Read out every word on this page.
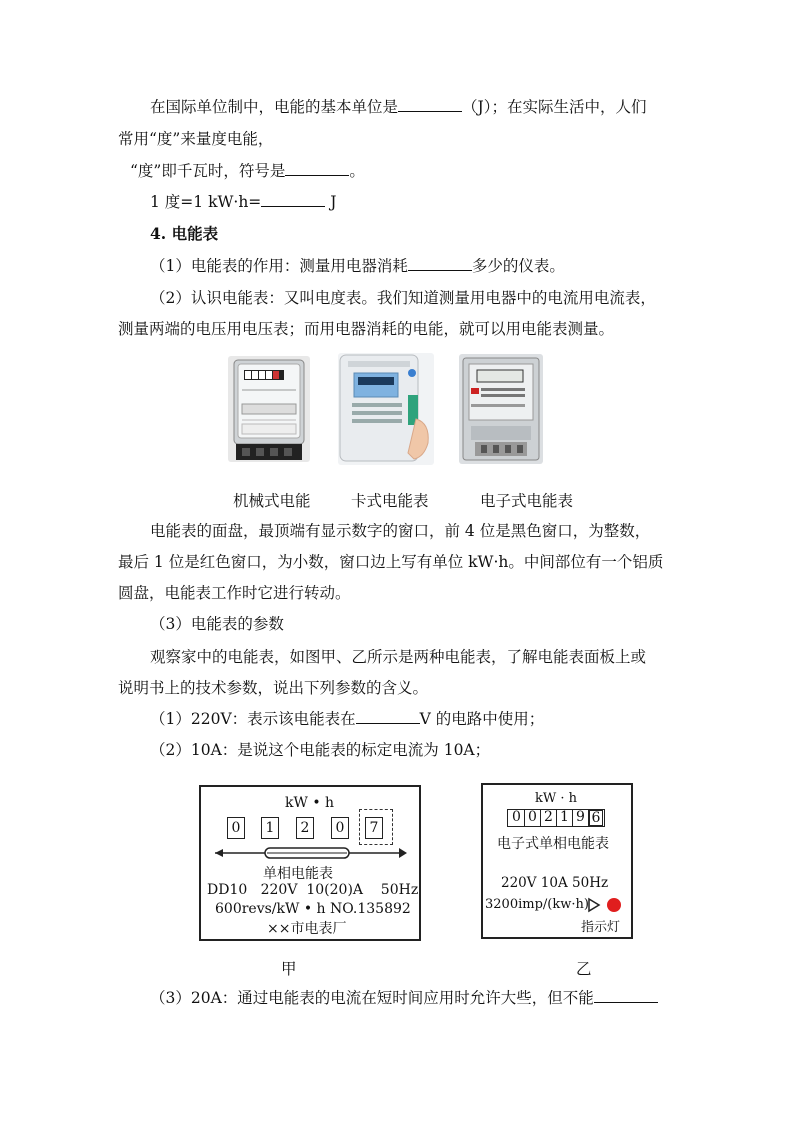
在国际单位制中，电能的基本单位是	（J）；在实际生活中，人们
常用“度”来量度电能，
“度”即千瓦时，符号是	。
1 度=1 kW·h=	J
4. 电能表
（1）电能表的作用：测量用电器消耗	多少的仪表。
（2）认识电能表：又叫电度表。我们知道测量用电器中的电流用电流表，
测量两端的电压用电压表；而用电器消耗的电能，就可以用电能表测量。
机械式电能	卡式电能表	电子式电能表
电能表的面盘，最顶端有显示数字的窗口，前 4 位是黑色窗口，为整数，
最后 1 位是红色窗口，为小数，窗口边上写有单位 kW·h。中间部位有一个铝质
圆盘，电能表工作时它进行转动。
（3）电能表的参数
观察家中的电能表，如图甲、乙所示是两种电能表，了解电能表面板上或
说明书上的技术参数，说出下列参数的含义。
（1）220V：表示该电能表在	V 的电路中使用；
（2）10A：是说这个电能表的标定电流为 10A；
kW • h
0	1	2	0	7
单相电能表
DD10   220V  10(20)A    50Hz
600revs/kW • h NO.135892
××市电表厂
甲
kW · h
0 0 2 1 9 6
电子式单相电能表
220V 10A 50Hz
3200imp/(kw·h)
指示灯
乙
（3）20A：通过电能表的电流在短时间应用时允许大些，但不能
